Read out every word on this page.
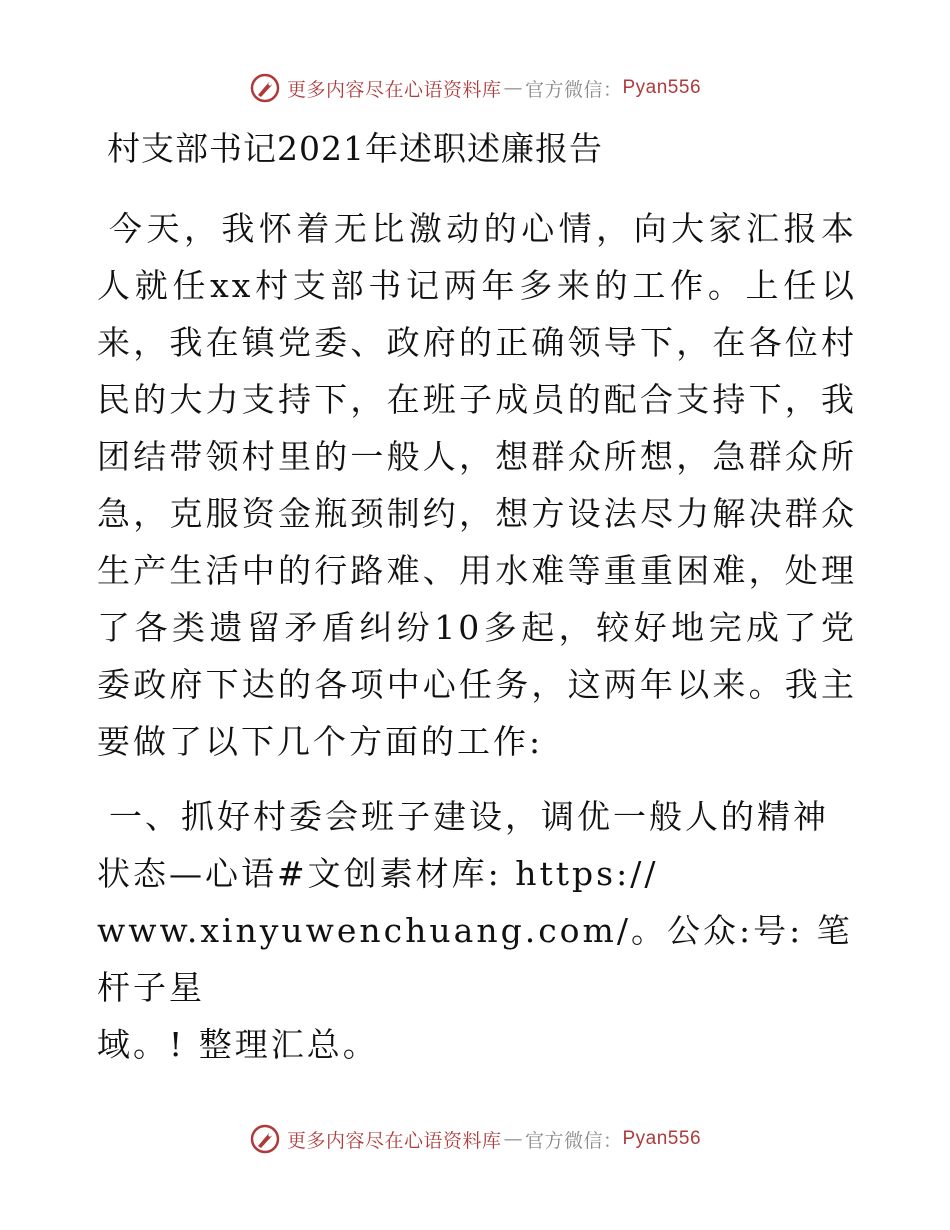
更多内容尽在心语资料库 — 官方微信： Pyan556
村支部书记2021年述职述廉报告

今天，我怀着无比激动的心情，向大家汇报本人就任xx村支部书记两年多来的工作。上任以来，我在镇党委、政府的正确领导下，在各位村民的大力支持下，在班子成员的配合支持下，我团结带领村里的一般人，想群众所想，急群众所急，克服资金瓶颈制约，想方设法尽力解决群众生产生活中的行路难、用水难等重重困难，处理了各类遗留矛盾纠纷10多起，较好地完成了党委政府下达的各项中心任务，这两年以来。我主要做了以下几个方面的工作:

一、抓好村委会班子建设，调优一般人的精神状态—心语#文创素材库: https://
www.xinyuwenchuang.com/。公众:号: 笔杆子星
域。! 整理汇总。
更多内容尽在心语资料库 — 官方微信： Pyan556
